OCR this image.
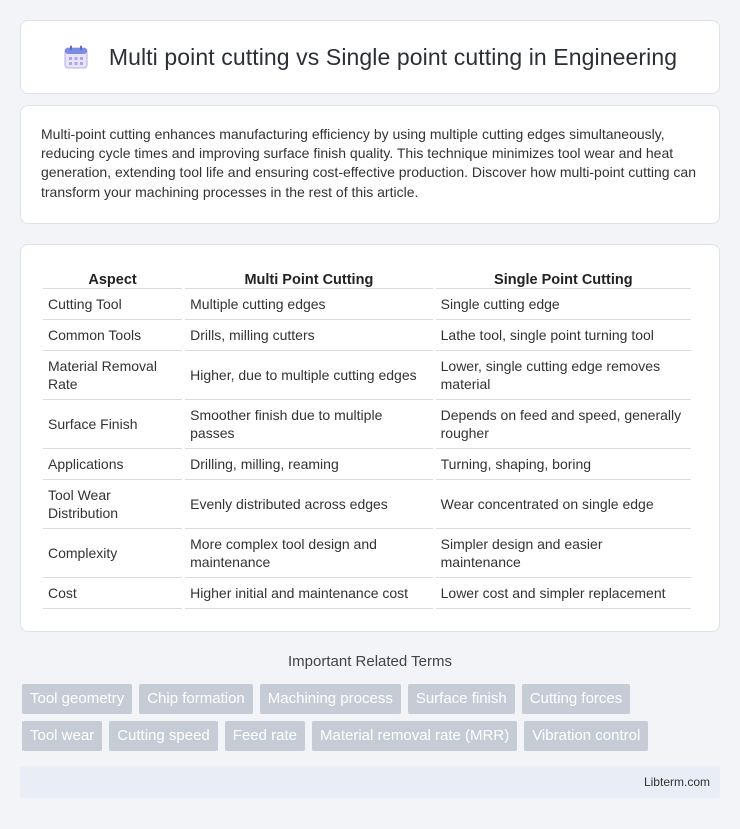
Multi point cutting vs Single point cutting in Engineering

Multi-point cutting enhances manufacturing efficiency by using multiple cutting edges simultaneously, reducing cycle times and improving surface finish quality. This technique minimizes tool wear and heat generation, extending tool life and ensuring cost-effective production. Discover how multi-point cutting can transform your machining processes in the rest of this article.

Aspect	Multi Point Cutting	Single Point Cutting
Cutting Tool	Multiple cutting edges	Single cutting edge
Common Tools	Drills, milling cutters	Lathe tool, single point turning tool
Material Removal Rate	Higher, due to multiple cutting edges	Lower, single cutting edge removes material
Surface Finish	Smoother finish due to multiple passes	Depends on feed and speed, generally rougher
Applications	Drilling, milling, reaming	Turning, shaping, boring
Tool Wear Distribution	Evenly distributed across edges	Wear concentrated on single edge
Complexity	More complex tool design and maintenance	Simpler design and easier maintenance
Cost	Higher initial and maintenance cost	Lower cost and simpler replacement
Important Related Terms
Tool geometry	Chip formation	Machining process	Surface finish	Cutting forces
Tool wear	Cutting speed	Feed rate	Material removal rate (MRR)	Vibration control
Libterm.com
